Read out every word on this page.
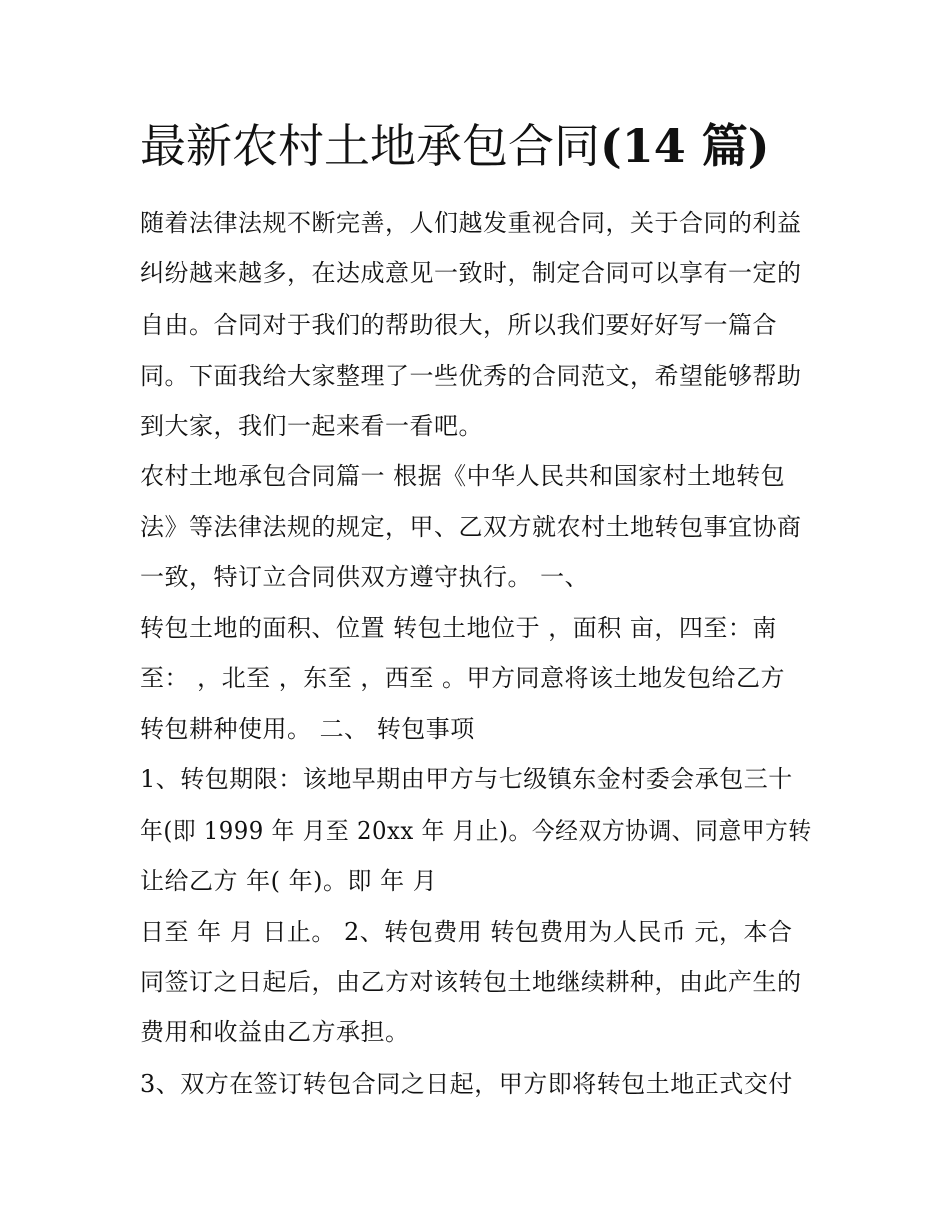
最新农村土地承包合同(14 篇)
随着法律法规不断完善，人们越发重视合同，关于合同的利益
纠纷越来越多，在达成意见一致时，制定合同可以享有一定的
自由。合同对于我们的帮助很大，所以我们要好好写一篇合
同。下面我给大家整理了一些优秀的合同范文，希望能够帮助
到大家，我们一起来看一看吧。
农村土地承包合同篇一 根据《中华人民共和国家村土地转包
法》等法律法规的规定，甲、乙双方就农村土地转包事宜协商
一致，特订立合同供双方遵守执行。 一、
转包土地的面积、位置 转包土地位于 ，面积 亩，四至：南
至： ，北至 ，东至 ，西至 。甲方同意将该土地发包给乙方
转包耕种使用。 二、 转包事项
1、转包期限：该地早期由甲方与七级镇东金村委会承包三十
年(即 1999 年 月至 20xx 年 月止)。今经双方协调、同意甲方转
让给乙方 年( 年)。即 年 月
日至 年 月 日止。 2、转包费用 转包费用为人民币 元，本合
同签订之日起后，由乙方对该转包土地继续耕种，由此产生的
费用和收益由乙方承担。
3、双方在签订转包合同之日起，甲方即将转包土地正式交付
